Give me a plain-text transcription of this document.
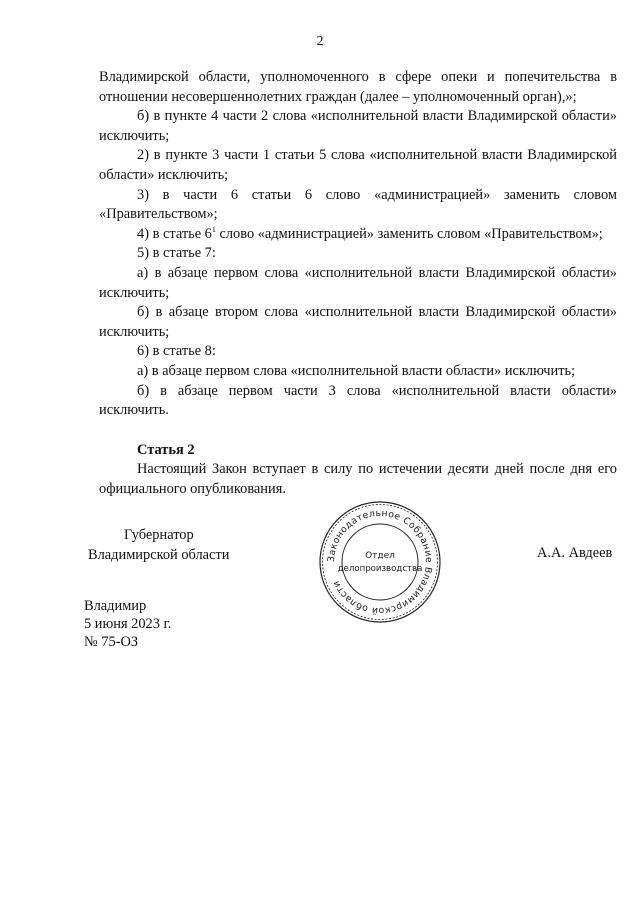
2

Владимирской области, уполномоченного в сфере опеки и попечительства в отношении несовершеннолетних граждан (далее – уполномоченный орган),»;

б) в пункте 4 части 2 слова «исполнительной власти Владимирской области» исключить;

2) в пункте 3 части 1 статьи 5 слова «исполнительной власти Владимирской области» исключить;

3) в части 6 статьи 6 слово «администрацией» заменить словом «Правительством»;

4) в статье $6^1$ слово «администрацией» заменить словом «Правительством»;

5) в статье 7:

а) в абзаце первом слова «исполнительной власти Владимирской области» исключить;

б) в абзаце втором слова «исполнительной власти Владимирской области» исключить;

6) в статье 8:

а) в абзаце первом слова «исполнительной власти области» исключить;

б) в абзаце первом части 3 слова «исполнительной власти области» исключить.

Статья 2

Настоящий Закон вступает в силу по истечении десяти дней после дня его официального опубликования.

Губернатор
Владимирской области	Законодательное Собрание Владимирской области
Отдел
делопроизводства
А.А. Авдеев
Владимир
5 июня 2023 г.
№ 75-ОЗ
